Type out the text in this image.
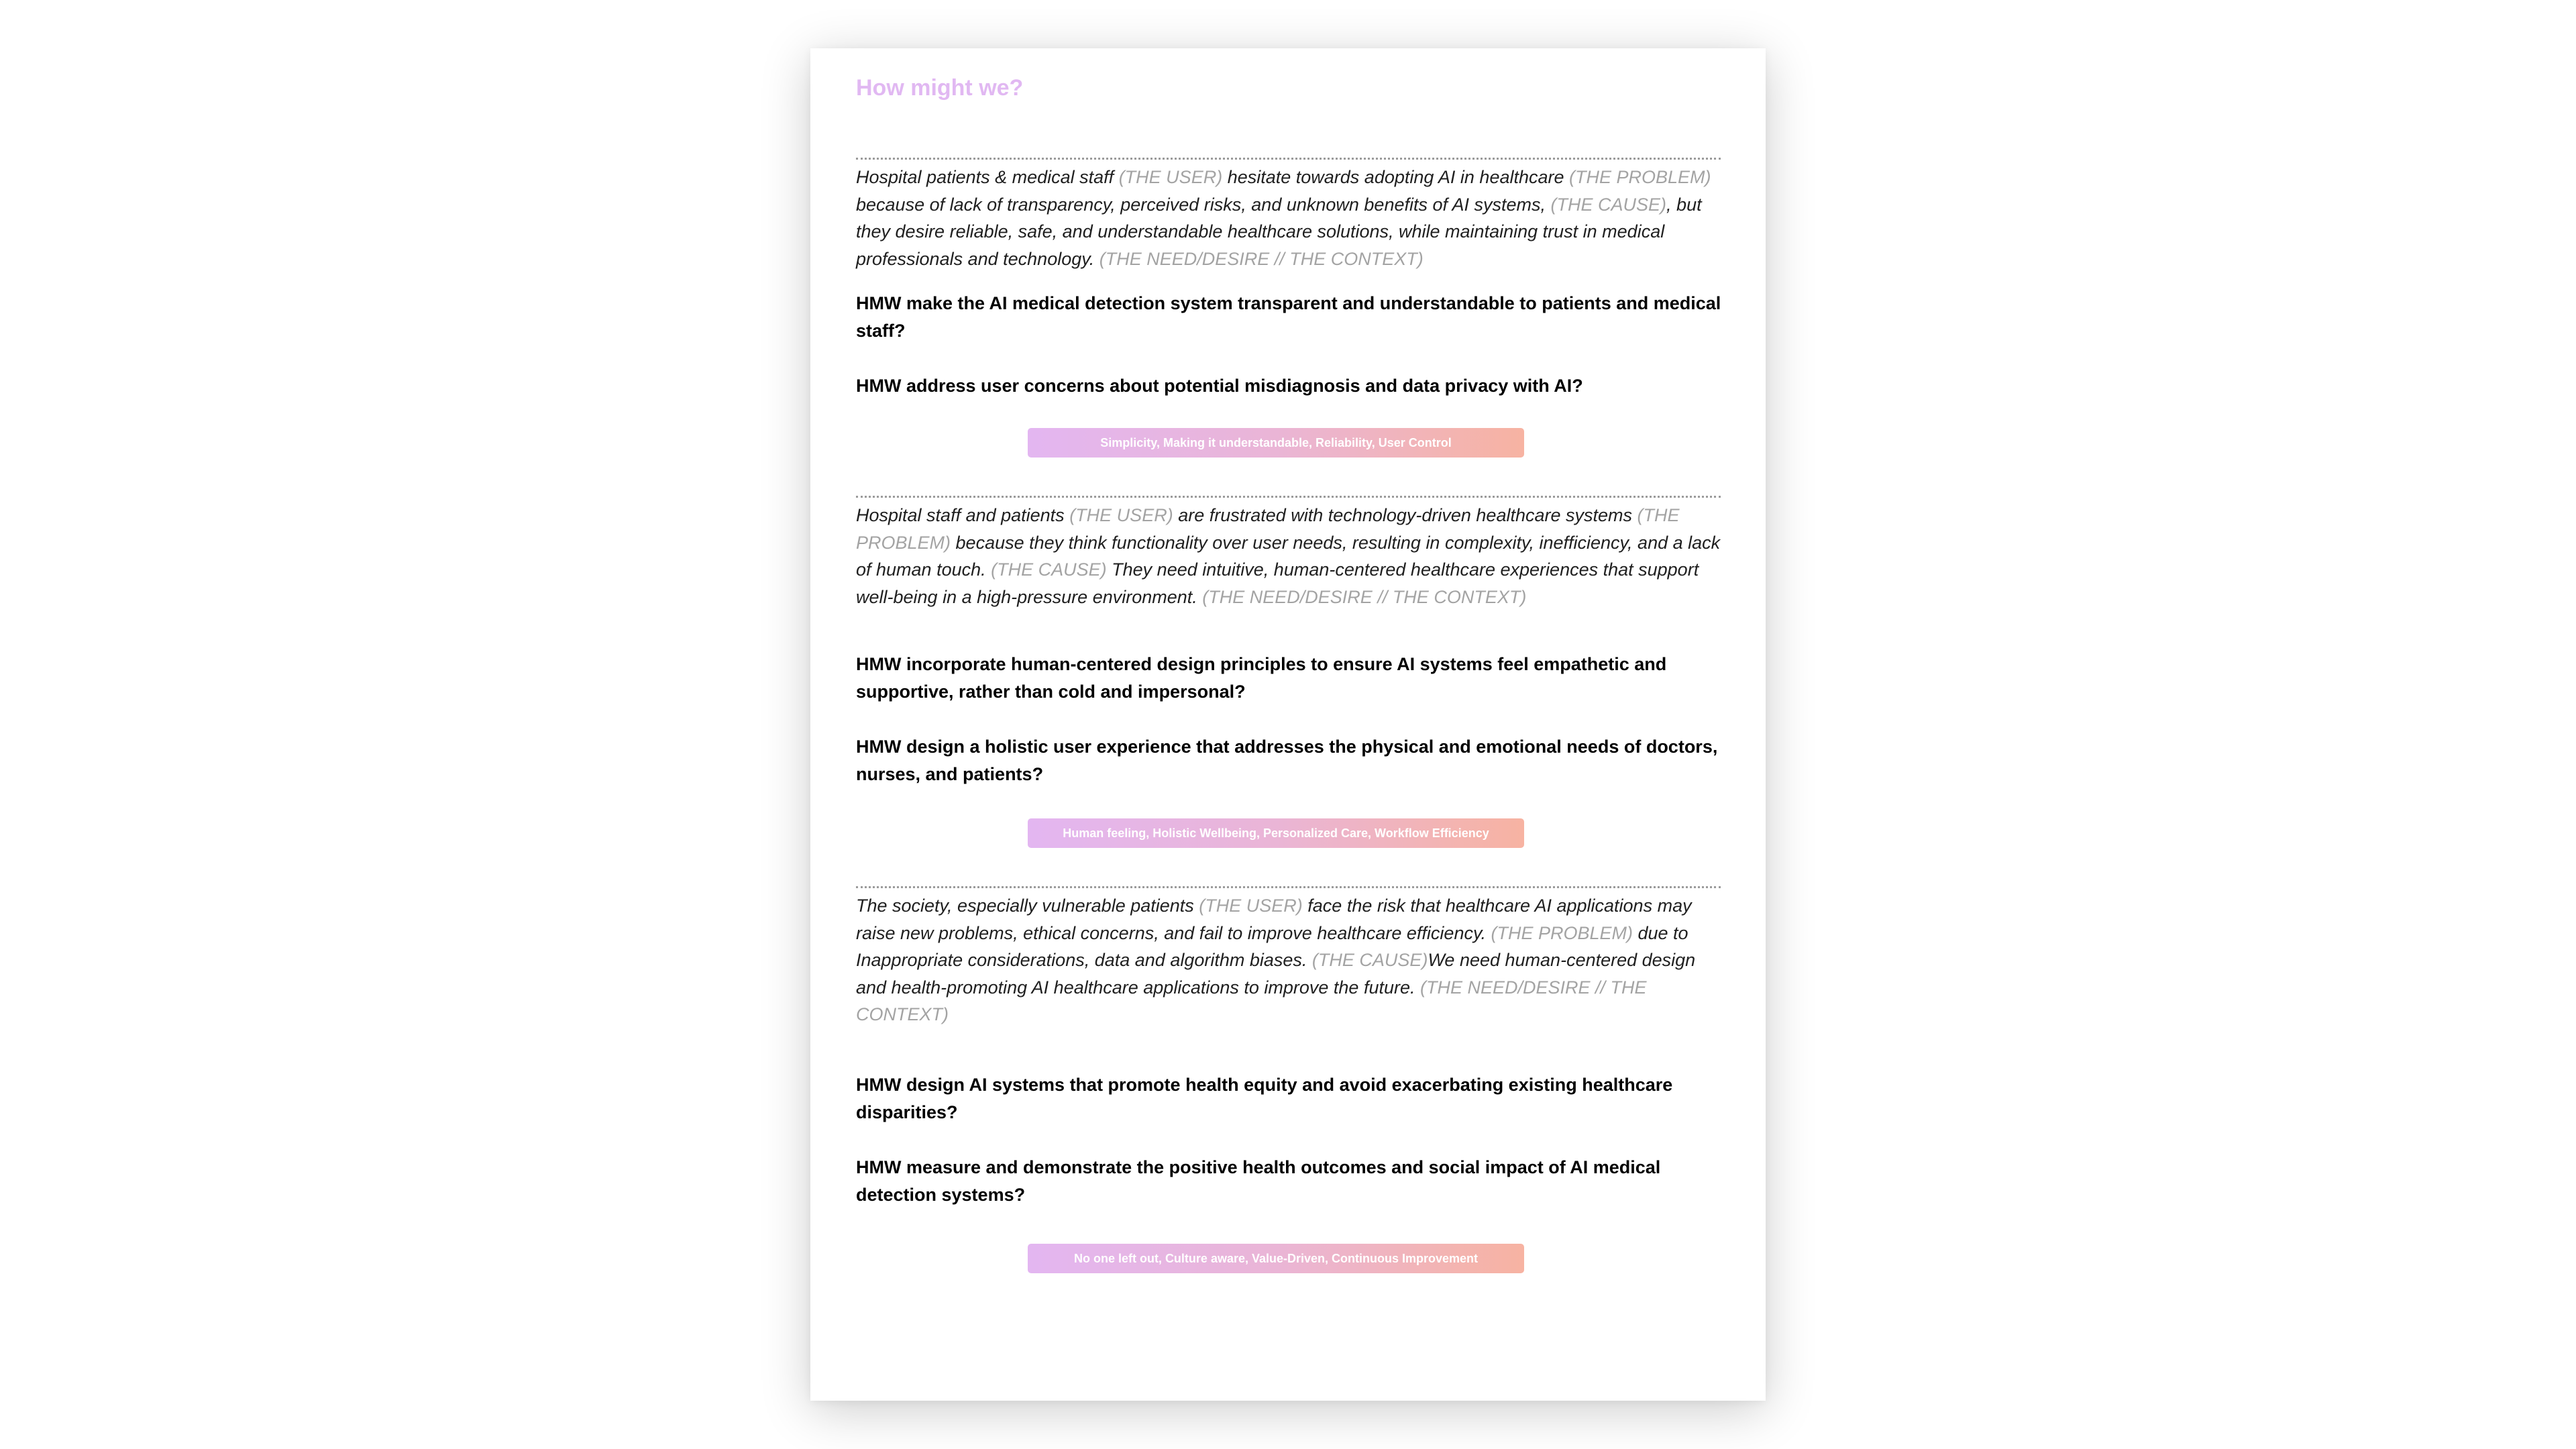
How might we?

Hospital patients & medical staff (THE USER) hesitate towards adopting AI in healthcare (THE PROBLEM) because of lack of transparency, perceived risks, and unknown benefits of AI systems, (THE CAUSE), but they desire reliable, safe, and understandable healthcare solutions, while maintaining trust in medical professionals and technology. (THE NEED/DESIRE // THE CONTEXT)

HMW make the AI medical detection system transparent and understandable to patients and medical staff?

HMW address user concerns about potential misdiagnosis and data privacy with AI?

Simplicity, Making it understandable, Reliability, User Control

Hospital staff and patients (THE USER) are frustrated with technology-driven healthcare systems (THE PROBLEM) because they think functionality over user needs, resulting in complexity, inefficiency, and a lack of human touch. (THE CAUSE) They need intuitive, human-centered healthcare experiences that support well-being in a high-pressure environment. (THE NEED/DESIRE // THE CONTEXT)

HMW incorporate human-centered design principles to ensure AI systems feel empathetic and supportive, rather than cold and impersonal?

HMW design a holistic user experience that addresses the physical and emotional needs of doctors, nurses, and patients?

Human feeling, Holistic Wellbeing, Personalized Care, Workflow Efficiency

The society, especially vulnerable patients (THE USER) face the risk that healthcare AI applications may raise new problems, ethical concerns, and fail to improve healthcare efficiency. (THE PROBLEM) due to Inappropriate considerations, data and algorithm biases. (THE CAUSE)We need human-centered design and health-promoting AI healthcare applications to improve the future. (THE NEED/DESIRE // THE CONTEXT)

HMW design AI systems that promote health equity and avoid exacerbating existing healthcare disparities?

HMW measure and demonstrate the positive health outcomes and social impact of AI medical detection systems?

No one left out, Culture aware, Value-Driven, Continuous Improvement
